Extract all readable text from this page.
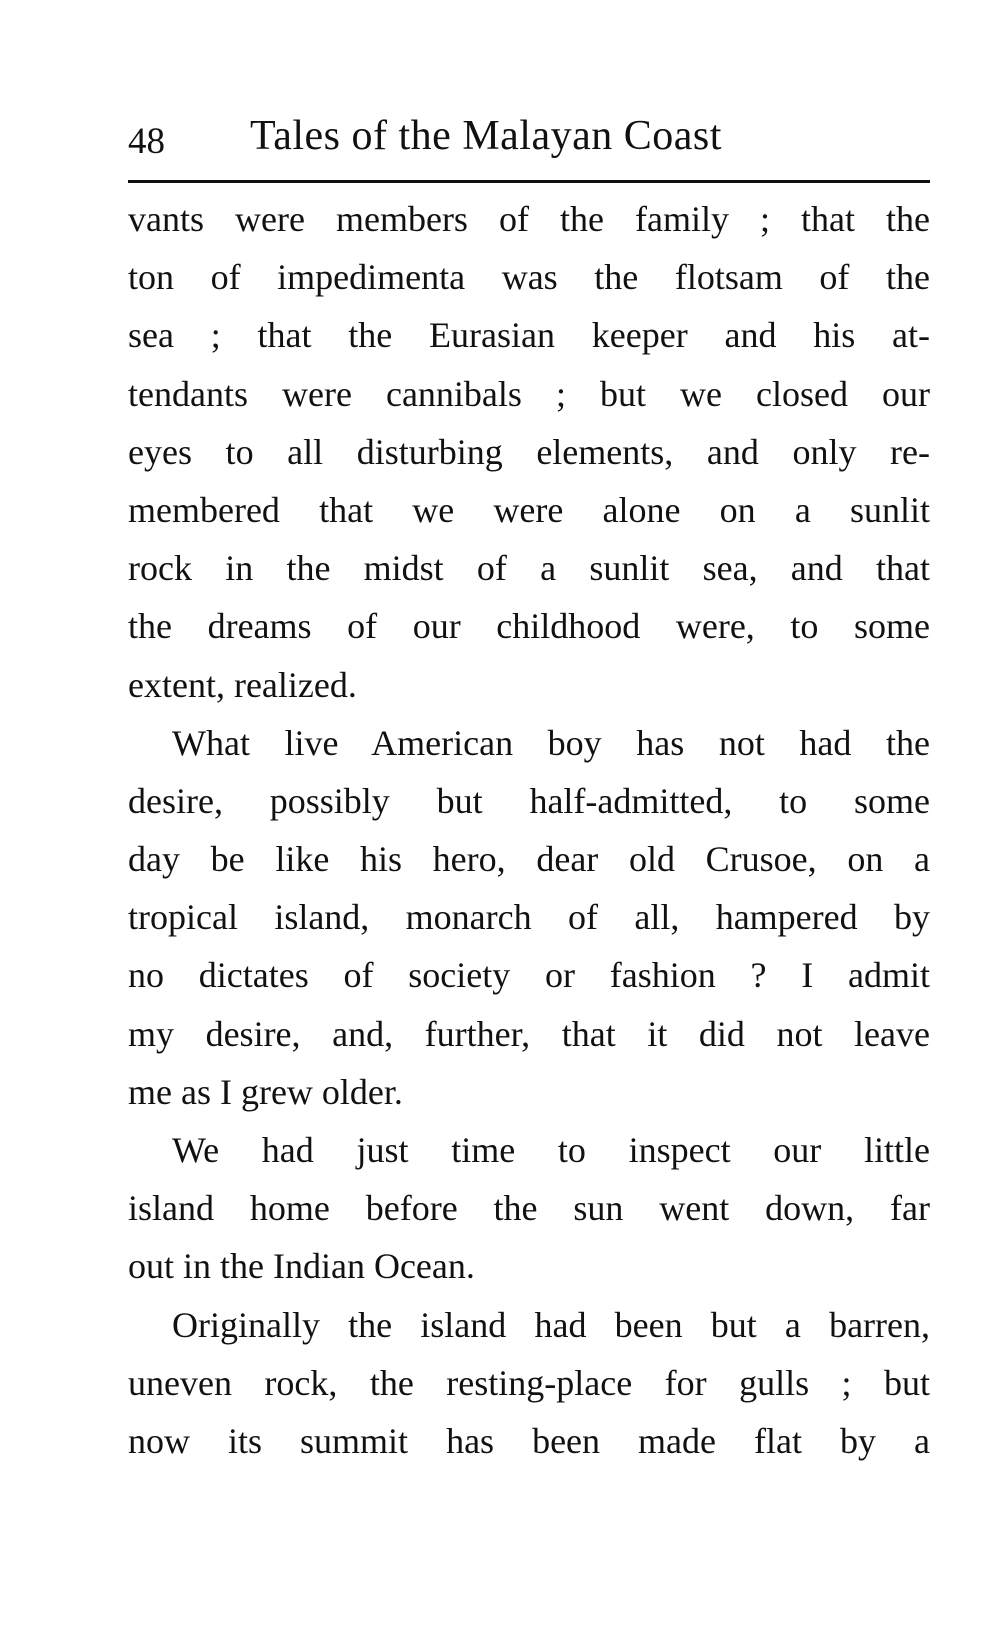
48 Tales of the Malayan Coast
vants were members of the family ; that the
ton of impedimenta was the flotsam of the
sea ; that the Eurasian keeper and his at-
tendants were cannibals ; but we closed our
eyes to all disturbing elements, and only re-
membered that we were alone on a sunlit
rock in the midst of a sunlit sea, and that
the dreams of our childhood were, to some
extent, realized.
What live American boy has not had the
desire, possibly but half-admitted, to some
day be like his hero, dear old Crusoe, on a
tropical island, monarch of all, hampered by
no dictates of society or fashion ? I admit
my desire, and, further, that it did not leave
me as I grew older.
We had just time to inspect our little
island home before the sun went down, far
out in the Indian Ocean.
Originally the island had been but a barren,
uneven rock, the resting-place for gulls ; but
now its summit has been made flat by a
